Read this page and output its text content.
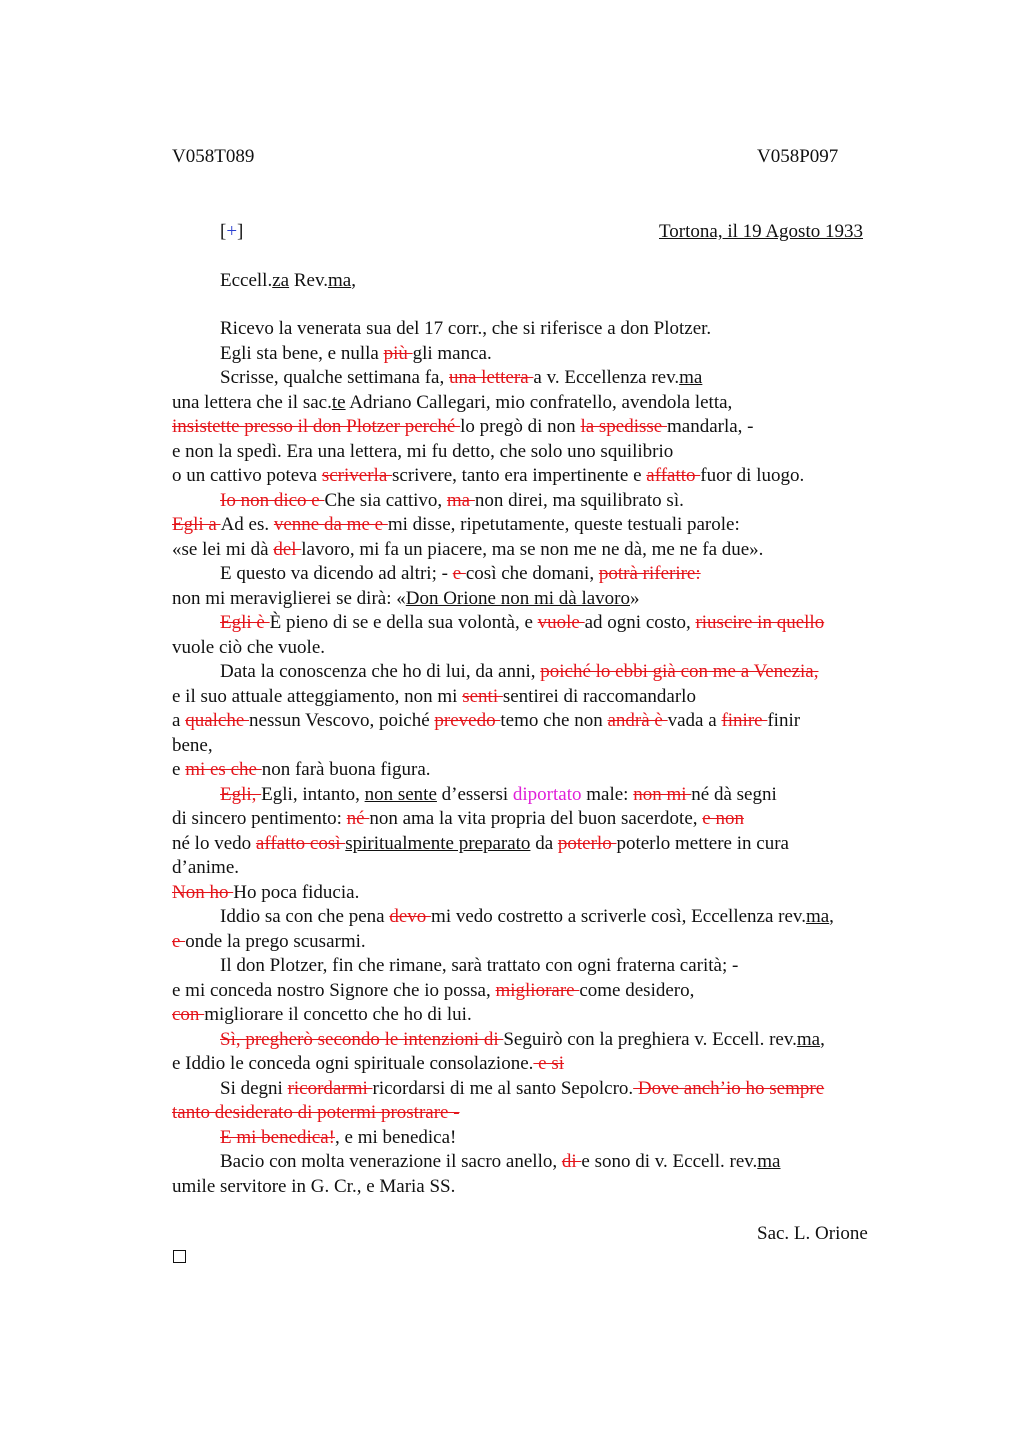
V058T089	V058P097
[+]	Tortona, il 19 Agosto 1933
Eccell.za Rev.ma,
Ricevo la venerata sua del 17 corr., che si riferisce a don Plotzer.
Egli sta bene, e nulla più gli manca.
Scrisse, qualche settimana fa, una lettera a v. Eccellenza rev.ma
una lettera che il sac.te Adriano Callegari, mio confratello, avendola letta,
insistette presso il don Plotzer perché lo pregò di non la spedisse mandarla, -
e non la spedì. Era una lettera, mi fu detto, che solo uno squilibrio
o un cattivo poteva scriverla scrivere, tanto era impertinente e affatto fuor di luogo.
Io non dico e Che sia cattivo, ma non direi, ma squilibrato sì.
Egli a Ad es. venne da me e mi disse, ripetutamente, queste testuali parole:
«se lei mi dà del lavoro, mi fa un piacere, ma se non me ne dà, me ne fa due».
E questo va dicendo ad altri; - e così che domani, potrà riferire:
non mi meraviglierei se dirà: «Don Orione non mi dà lavoro»
Egli è È pieno di se e della sua volontà, e vuole ad ogni costo, riuscire in quello
vuole ciò che vuole.
Data la conoscenza che ho di lui, da anni, poiché lo ebbi già con me a Venezia,
e il suo attuale atteggiamento, non mi senti sentirei di raccomandarlo
a qualche nessun Vescovo, poiché prevedo temo che non andrà è vada a finire finir
bene,
e mi es che non farà buona figura.
Egli, Egli, intanto, non sente d’essersi diportato male: non mi né dà segni
di sincero pentimento: né non ama la vita propria del buon sacerdote, e non
né lo vedo affatto così spiritualmente preparato da poterlo poterlo mettere in cura
d’anime.
Non ho Ho poca fiducia.
Iddio sa con che pena devo mi vedo costretto a scriverle così, Eccellenza rev.ma,
e onde la prego scusarmi.
Il don Plotzer, fin che rimane, sarà trattato con ogni fraterna carità; -
e mi conceda nostro Signore che io possa, migliorare come desidero,
con migliorare il concetto che ho di lui.
Sì, pregherò secondo le intenzioni di Seguirò con la preghiera v. Eccell. rev.ma,
e Iddio le conceda ogni spirituale consolazione. e si
Si degni ricordarmi ricordarsi di me al santo Sepolcro. Dove anch’io ho sempre
tanto desiderato di potermi prostrare -
E mi benedica!, e mi benedica!
Bacio con molta venerazione il sacro anello, di e sono di v. Eccell. rev.ma
umile servitore in G. Cr., e Maria SS.
Sac. L. Orione
